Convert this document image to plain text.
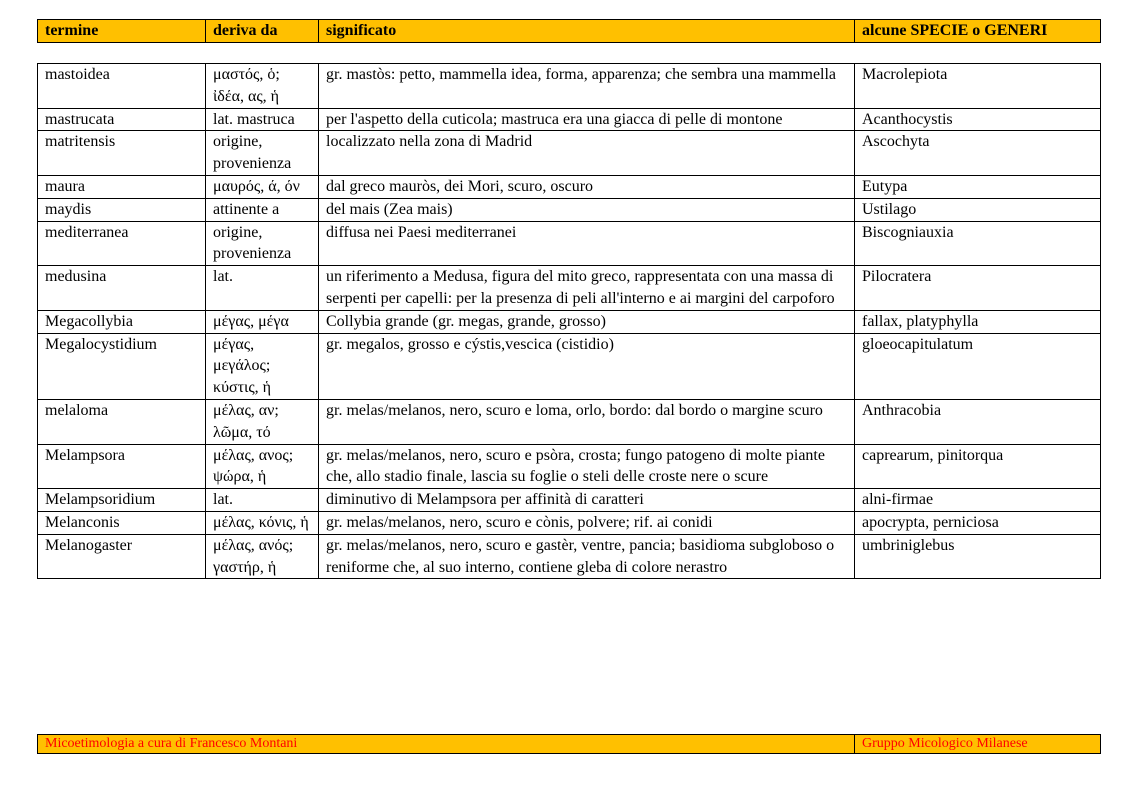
termine	deriva da	significato	alcune SPECIE o GENERI
mastoidea	μαστός, ὁ; ἰδέα, ας, ἡ	gr. mastòs: petto, mammella idea, forma, apparenza; che sembra una mammella	Macrolepiota
mastrucata	lat. mastruca	per l'aspetto della cuticola; mastruca era una giacca di pelle di montone	Acanthocystis
matritensis	origine, provenienza	localizzato nella zona di Madrid	Ascochyta
maura	μαυρός, ά, όν	dal greco mauròs, dei Mori, scuro, oscuro	Eutypa
maydis	attinente a	del mais (Zea mais)	Ustilago
mediterranea	origine, provenienza	diffusa nei Paesi mediterranei	Biscogniauxia
medusina	lat.	un riferimento a Medusa, figura del mito greco, rappresentata con una massa di serpenti per capelli: per la presenza di peli all'interno e ai margini del carpoforo	Pilocratera
Megacollybia	μέγας, μέγα	Collybia grande (gr. megas, grande, grosso)	fallax, platyphylla
Megalocystidium	μέγας, μεγάλος; κύστις, ἡ	gr. megalos, grosso e cýstis,vescica (cistidio)	gloeocapitulatum
melaloma	μέλας, αν; λῶμα, τό	gr. melas/melanos, nero, scuro e loma, orlo, bordo: dal bordo o margine scuro	Anthracobia
Melampsora	μέλας, ανος; ψώρα, ἡ	gr. melas/melanos, nero, scuro e psòra, crosta; fungo patogeno di molte piante che, allo stadio finale, lascia su foglie o steli delle croste nere o scure	caprearum, pinitorqua
Melampsoridium	lat.	diminutivo di Melampsora per affinità di caratteri	alni-firmae
Melanconis	μέλας, κόνις, ἡ	gr. melas/melanos, nero, scuro e cònis, polvere; rif. ai conidi	apocrypta, perniciosa
Melanogaster	μέλας, ανός; γαστήρ, ἡ	gr. melas/melanos, nero, scuro e gastèr, ventre, pancia; basidioma subgloboso o reniforme che, al suo interno, contiene gleba di colore nerastro	umbriniglebus
Micoetimologia a cura di Francesco Montani	Gruppo Micologico Milanese
